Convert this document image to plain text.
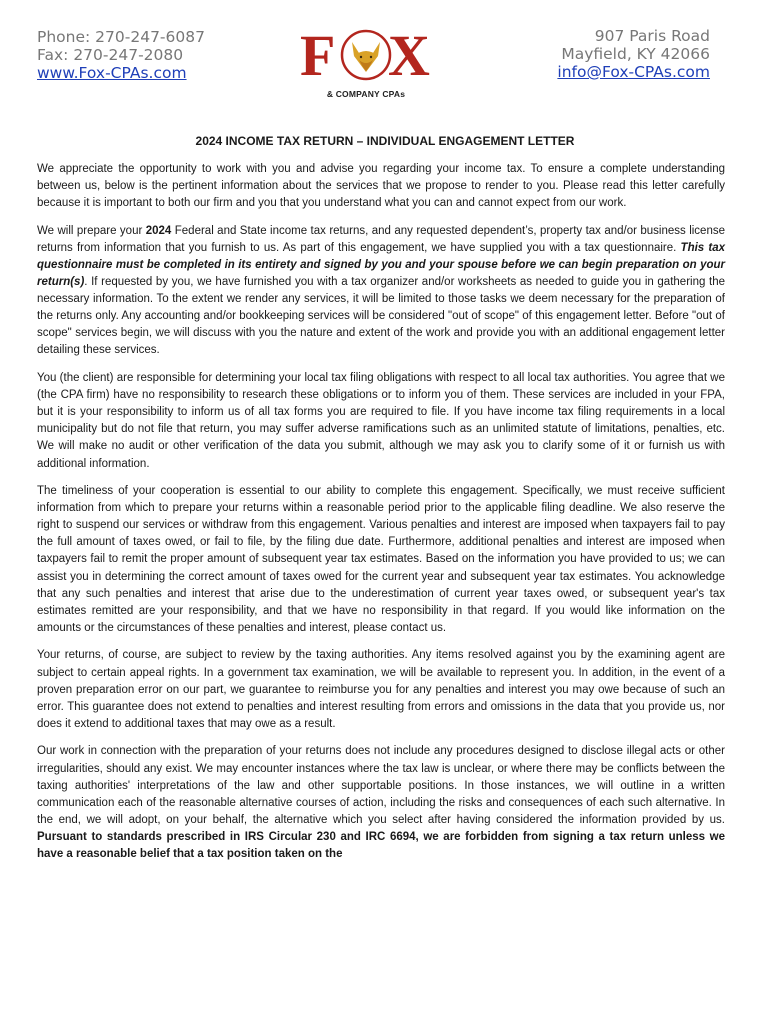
Phone: 270-247-6087
Fax: 270-247-2080
www.Fox-CPAs.com	F X
& COMPANY CPAs
907 Paris Road
Mayfield, KY 42066
info@Fox-CPAs.com
2024 INCOME TAX RETURN – INDIVIDUAL ENGAGEMENT LETTER

We appreciate the opportunity to work with you and advise you regarding your income tax. To ensure a complete understanding between us, below is the pertinent information about the services that we propose to render to you. Please read this letter carefully because it is important to both our firm and you that you understand what you can and cannot expect from our work.

We will prepare your 2024 Federal and State income tax returns, and any requested dependent’s, property tax and/or business license returns from information that you furnish to us. As part of this engagement, we have supplied you with a tax questionnaire. This tax questionnaire must be completed in its entirety and signed by you and your spouse before we can begin preparation on your return(s). If requested by you, we have furnished you with a tax organizer and/or worksheets as needed to guide you in gathering the necessary information. To the extent we render any services, it will be limited to those tasks we deem necessary for the preparation of the returns only. Any accounting and/or bookkeeping services will be considered "out of scope" of this engagement letter. Before "out of scope" services begin, we will discuss with you the nature and extent of the work and provide you with an additional engagement letter detailing these services.

You (the client) are responsible for determining your local tax filing obligations with respect to all local tax authorities. You agree that we (the CPA firm) have no responsibility to research these obligations or to inform you of them. These services are included in your FPA, but it is your responsibility to inform us of all tax forms you are required to file. If you have income tax filing requirements in a local municipality but do not file that return, you may suffer adverse ramifications such as an unlimited statute of limitations, penalties, etc. We will make no audit or other verification of the data you submit, although we may ask you to clarify some of it or furnish us with additional information.

The timeliness of your cooperation is essential to our ability to complete this engagement. Specifically, we must receive sufficient information from which to prepare your returns within a reasonable period prior to the applicable filing deadline. We also reserve the right to suspend our services or withdraw from this engagement. Various penalties and interest are imposed when taxpayers fail to pay the full amount of taxes owed, or fail to file, by the filing due date. Furthermore, additional penalties and interest are imposed when taxpayers fail to remit the proper amount of subsequent year tax estimates. Based on the information you have provided to us; we can assist you in determining the correct amount of taxes owed for the current year and subsequent year tax estimates. You acknowledge that any such penalties and interest that arise due to the underestimation of current year taxes owed, or subsequent year's tax estimates remitted are your responsibility, and that we have no responsibility in that regard. If you would like information on the amounts or the circumstances of these penalties and interest, please contact us.

Your returns, of course, are subject to review by the taxing authorities. Any items resolved against you by the examining agent are subject to certain appeal rights. In a government tax examination, we will be available to represent you. In addition, in the event of a proven preparation error on our part, we guarantee to reimburse you for any penalties and interest you may owe because of such an error. This guarantee does not extend to penalties and interest resulting from errors and omissions in the data that you provide us, nor does it extend to additional taxes that may owe as a result.

Our work in connection with the preparation of your returns does not include any procedures designed to disclose illegal acts or other irregularities, should any exist. We may encounter instances where the tax law is unclear, or where there may be conflicts between the taxing authorities' interpretations of the law and other supportable positions. In those instances, we will outline in a written communication each of the reasonable alternative courses of action, including the risks and consequences of each such alternative. In the end, we will adopt, on your behalf, the alternative which you select after having considered the information provided by us. Pursuant to standards prescribed in IRS Circular 230 and IRC 6694, we are forbidden from signing a tax return unless we have a reasonable belief that a tax position taken on the
